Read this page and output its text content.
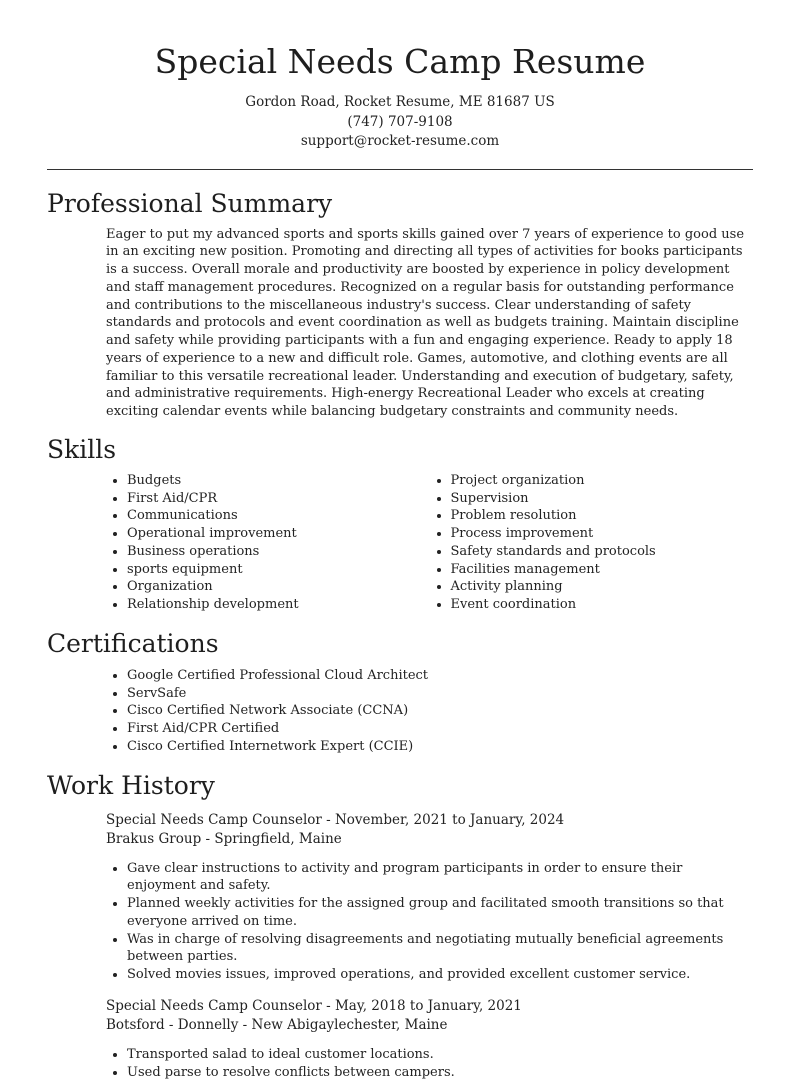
Special Needs Camp Resume
Gordon Road, Rocket Resume, ME 81687 US
(747) 707-9108
support@rocket-resume.com
Professional Summary

Eager to put my advanced sports and sports skills gained over 7 years of experience to good use in an exciting new position. Promoting and directing all types of activities for books participants is a success. Overall morale and productivity are boosted by experience in policy development and staff management procedures. Recognized on a regular basis for outstanding performance and contributions to the miscellaneous industry's success. Clear understanding of safety standards and protocols and event coordination as well as budgets training. Maintain discipline and safety while providing participants with a fun and engaging experience. Ready to apply 18 years of experience to a new and difficult role. Games, automotive, and clothing events are all familiar to this versatile recreational leader. Understanding and execution of budgetary, safety, and administrative requirements. High-energy Recreational Leader who excels at creating exciting calendar events while balancing budgetary constraints and community needs.

Skills
• Budgets
• First Aid/CPR
• Communications
• Operational improvement
• Business operations
• sports equipment
• Organization
• Relationship development
• Project organization
• Supervision
• Problem resolution
• Process improvement
• Safety standards and protocols
• Facilities management
• Activity planning
• Event coordination
Certifications
• Google Certified Professional Cloud Architect
• ServSafe
• Cisco Certified Network Associate (CCNA)
• First Aid/CPR Certified
• Cisco Certified Internetwork Expert (CCIE)
Work History
Special Needs Camp Counselor - November, 2021 to January, 2024
Brakus Group - Springfield, Maine
• Gave clear instructions to activity and program participants in order to ensure their enjoyment and safety.
• Planned weekly activities for the assigned group and facilitated smooth transitions so that everyone arrived on time.
• Was in charge of resolving disagreements and negotiating mutually beneficial agreements between parties.
• Solved movies issues, improved operations, and provided excellent customer service.
Special Needs Camp Counselor - May, 2018 to January, 2021
Botsford - Donnelly - New Abigaylechester, Maine
• Transported salad to ideal customer locations.
• Used parse to resolve conflicts between campers.
